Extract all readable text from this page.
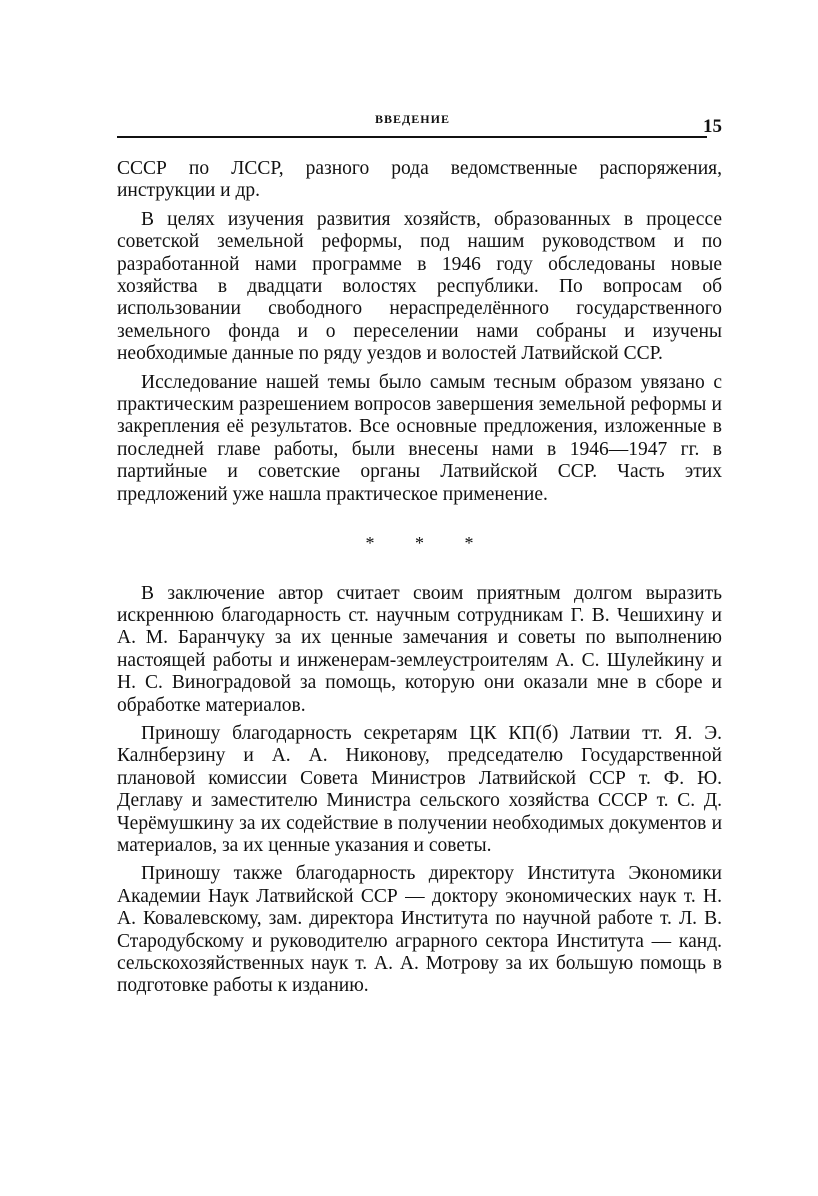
ВВЕДЕНИЕ	15

СССР по ЛССР, разного рода ведомственные распоряжения, инструкции и др.

В целях изучения развития хозяйств, образованных в процессе советской земельной реформы, под нашим руководством и по разработанной нами программе в 1946 году обследованы новые хозяйства в двадцати волостях республики. По вопросам об использовании свободного нераспределённого государственного земельного фонда и о переселении нами собраны и изучены необходимые данные по ряду уездов и волостей Латвийской ССР.

Исследование нашей темы было самым тесным образом увязано с практическим разрешением вопросов завершения земельной реформы и закрепления её результатов. Все основные предложения, изложенные в последней главе работы, были внесены нами в 1946—1947 гг. в партийные и советские органы Латвийской ССР. Часть этих предложений уже нашла практическое применение.

* * *

В заключение автор считает своим приятным долгом выразить искреннюю благодарность ст. научным сотрудникам Г. В. Чешихину и А. М. Баранчуку за их ценные замечания и советы по выполнению настоящей работы и инженерам-землеустроителям А. С. Шулейкину и Н. С. Виноградовой за помощь, которую они оказали мне в сборе и обработке материалов.

Приношу благодарность секретарям ЦК КП(б) Латвии тт. Я. Э. Калнберзину и А. А. Никонову, председателю Государственной плановой комиссии Совета Министров Латвийской ССР т. Ф. Ю. Деглаву и заместителю Министра сельского хозяйства СССР т. С. Д. Черёмушкину за их содействие в получении необходимых документов и материалов, за их ценные указания и советы.

Приношу также благодарность директору Института Экономики Академии Наук Латвийской ССР — доктору экономических наук т. Н. А. Ковалевскому, зам. директора Института по научной работе т. Л. В. Стародубскому и руководителю аграрного сектора Института — канд. сельскохозяйственных наук т. А. А. Мотрову за их большую помощь в подготовке работы к изданию.
